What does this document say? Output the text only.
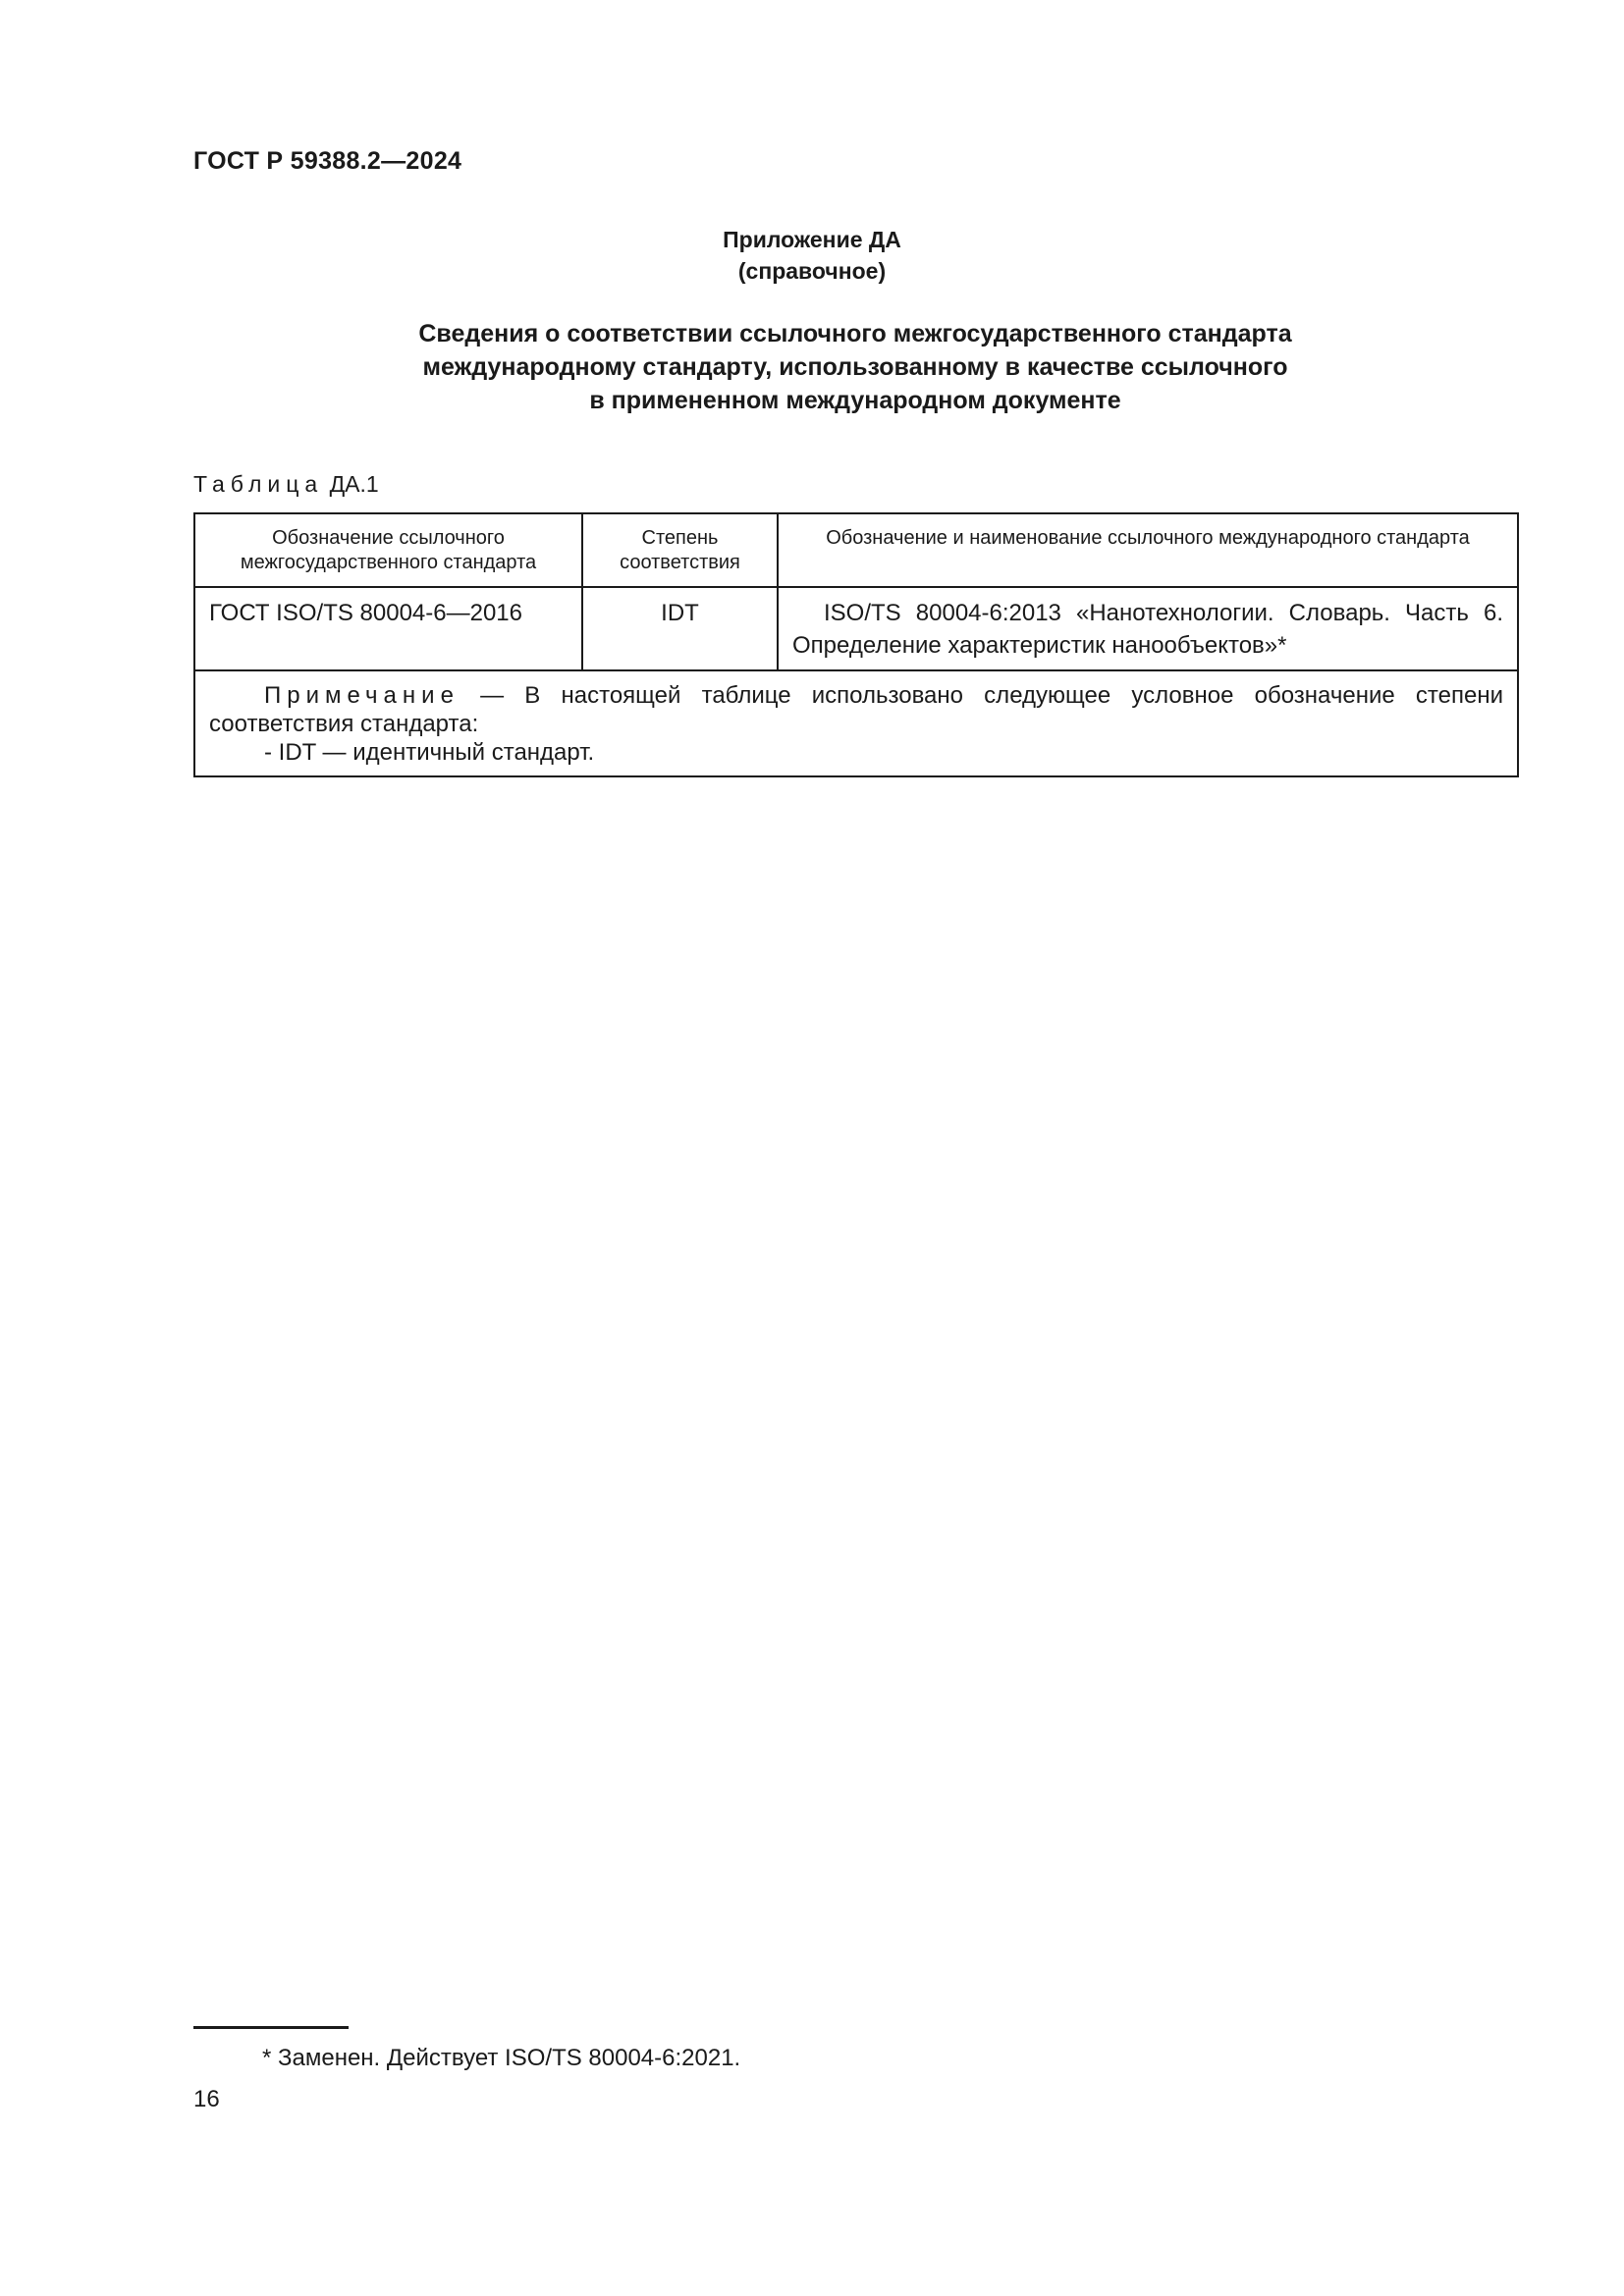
ГОСТ Р 59388.2—2024
Приложение ДА
(справочное)
Сведения о соответствии ссылочного межгосударственного стандарта
международному стандарту, использованному в качестве ссылочного
в примененном международном документе
Таблица ДА.1
Обозначение ссылочного межгосударственного стандарта	Степень соответствия	Обозначение и наименование ссылочного международного стандарта
ГОСТ ISO/TS 80004-6—2016	IDT	ISO/TS 80004-6:2013 «Нанотехнологии. Словарь. Часть 6. Определение характеристик нанообъектов»*

Примечание — В настоящей таблице использовано следующее условное обозначение степени соответствия стандарта:
- IDT — идентичный стандарт.		
* Заменен. Действует ISO/TS 80004-6:2021.
16
